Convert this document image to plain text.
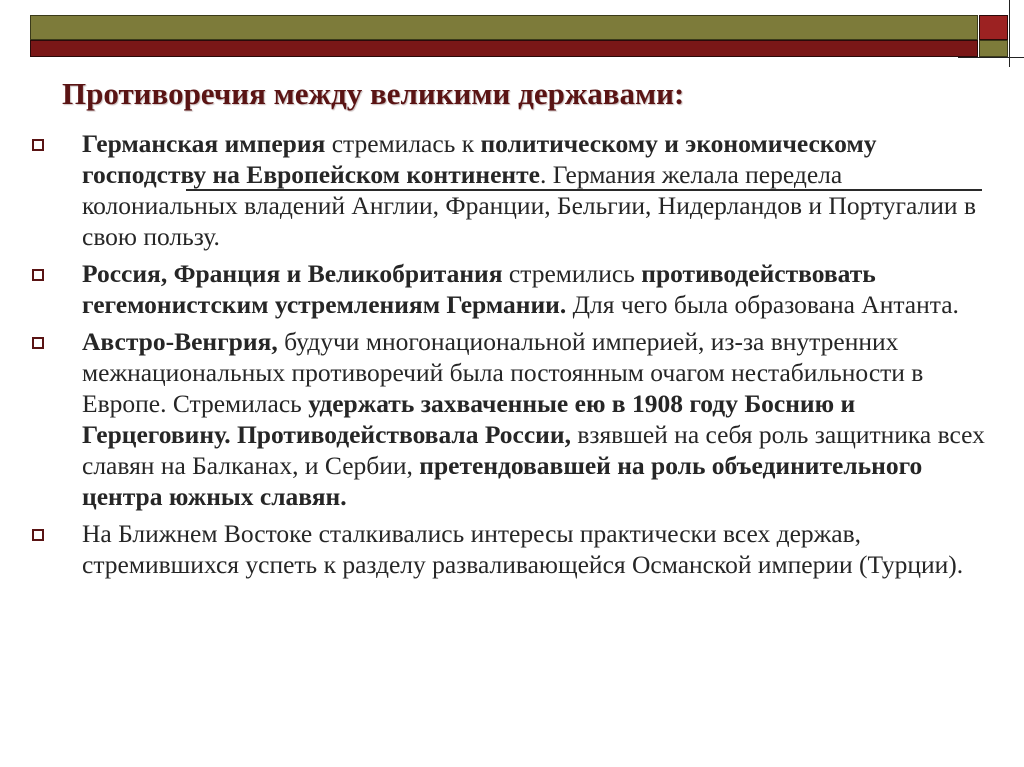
Противоречия между великими державами:
Германская империя стремилась к политическому и экономическому господству на Европейском континенте. Германия желала передела колониальных владений Англии, Франции, Бельгии, Нидерландов и Португалии в свою пользу.
Россия, Франция и Великобритания стремились противодействовать гегемонистским устремлениям Германии. Для чего была образована Антанта.
Австро-Венгрия, будучи многонациональной империей, из-за внутренних межнациональных противоречий была постоянным очагом нестабильности в Европе. Стремилась удержать захваченные ею в 1908 году Боснию и Герцеговину. Противодействовала России, взявшей на себя роль защитника всех славян на Балканах, и Сербии, претендовавшей на роль объединительного центра южных славян.
На Ближнем Востоке сталкивались интересы практически всех держав, стремившихся успеть к разделу разваливающейся Османской империи (Турции).
